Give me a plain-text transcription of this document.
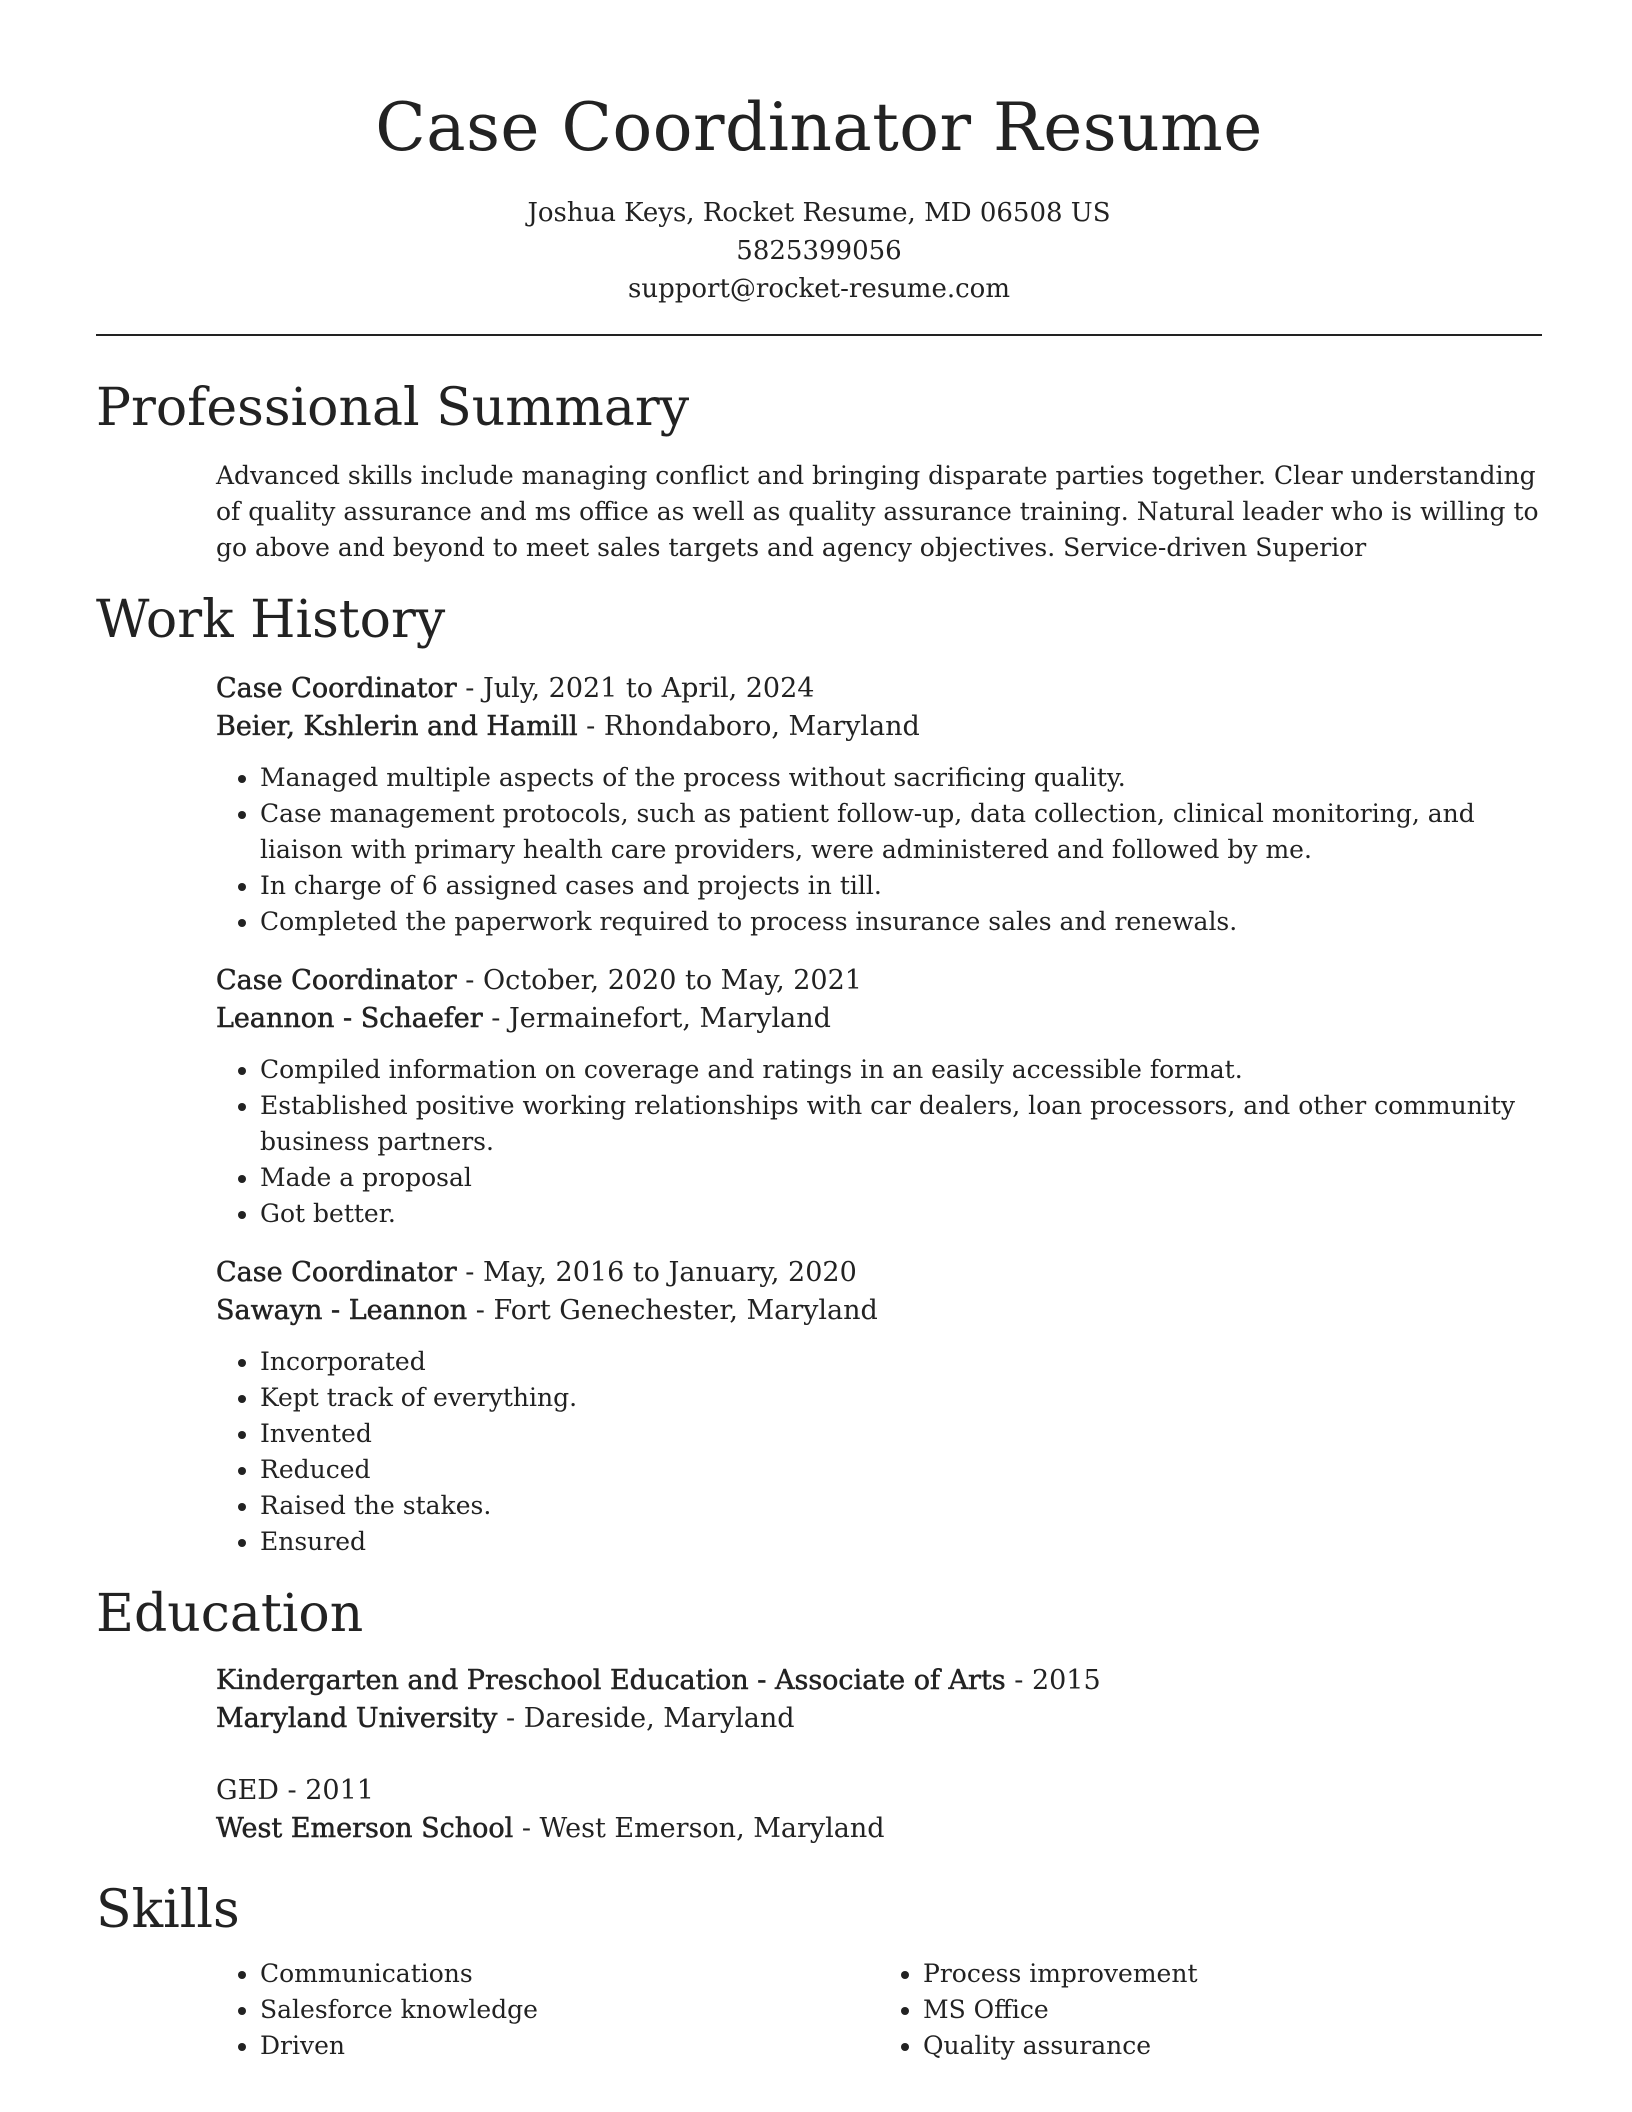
Case Coordinator Resume
Joshua Keys, Rocket Resume, MD 06508 US
5825399056
support@rocket-resume.com
Professional Summary
Advanced skills include managing conflict and bringing disparate parties together. Clear understanding of quality assurance and ms office as well as quality assurance training. Natural leader who is willing to go above and beyond to meet sales targets and agency objectives. Service-driven Superior
Work History
Case Coordinator - July, 2021 to April, 2024
Beier, Kshlerin and Hamill - Rhondaboro, Maryland
• Managed multiple aspects of the process without sacrificing quality.
• Case management protocols, such as patient follow-up, data collection, clinical monitoring, and liaison with primary health care providers, were administered and followed by me.
• In charge of 6 assigned cases and projects in till.
• Completed the paperwork required to process insurance sales and renewals.
Case Coordinator - October, 2020 to May, 2021
Leannon - Schaefer - Jermainefort, Maryland
• Compiled information on coverage and ratings in an easily accessible format.
• Established positive working relationships with car dealers, loan processors, and other community business partners.
• Made a proposal
• Got better.
Case Coordinator - May, 2016 to January, 2020
Sawayn - Leannon - Fort Genechester, Maryland
• Incorporated
• Kept track of everything.
• Invented
• Reduced
• Raised the stakes.
• Ensured
Education
Kindergarten and Preschool Education - Associate of Arts - 2015
Maryland University - Dareside, Maryland
GED - 2011
West Emerson School - West Emerson, Maryland
Skills
• Communications
• Salesforce knowledge
• Driven
• Process improvement
• MS Office
• Quality assurance
